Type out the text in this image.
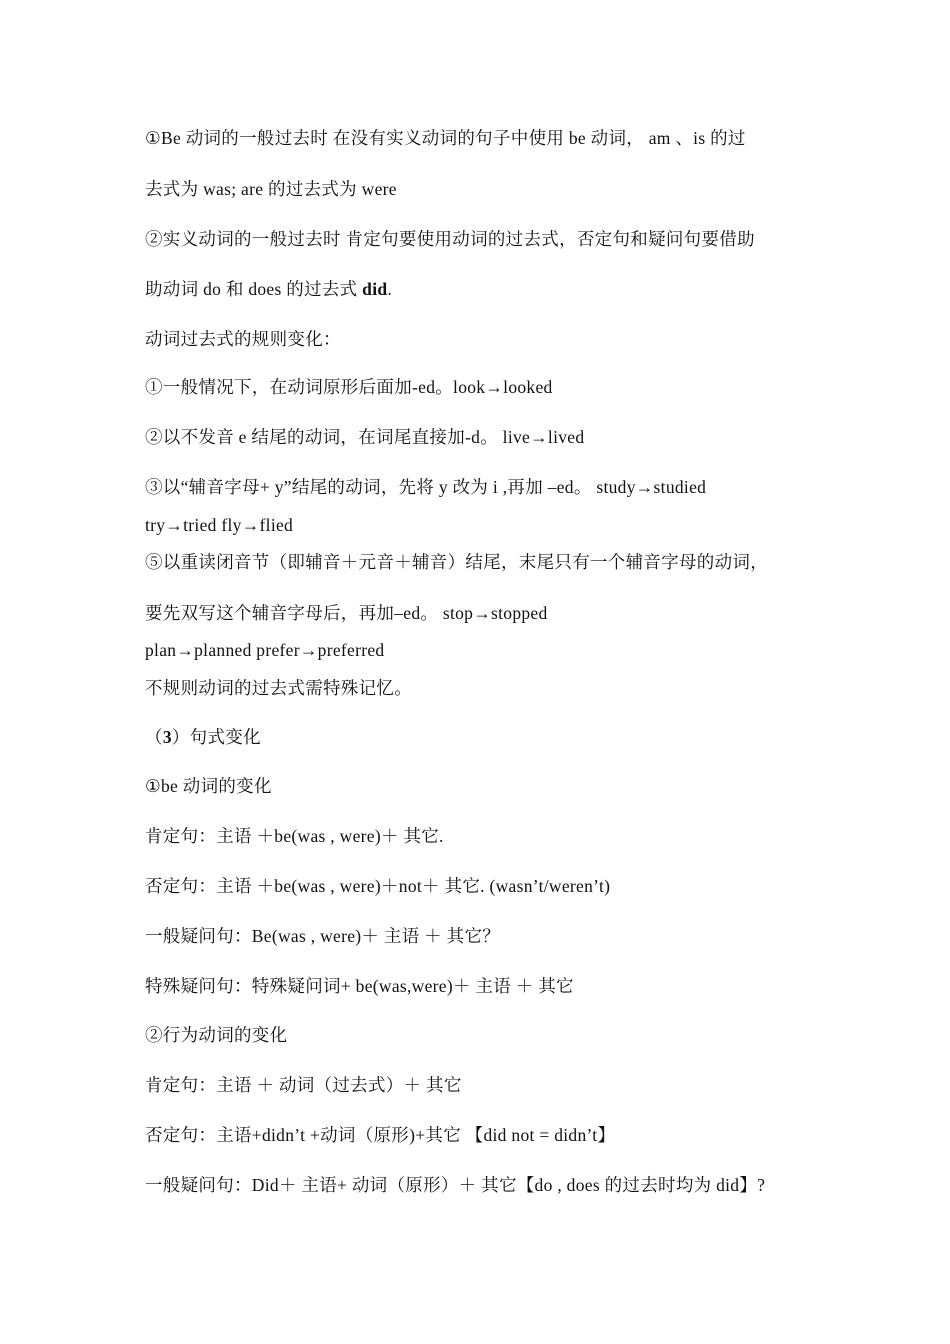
①Be 动词的一般过去时 在没有实义动词的句子中使用 be 动词， am 、is 的过
去式为 was; are 的过去式为 were
②实义动词的一般过去时 肯定句要使用动词的过去式，否定句和疑问句要借助
助动词 do 和 does 的过去式 did.
动词过去式的规则变化：
①一般情况下，在动词原形后面加-ed。look→looked
②以不发音 e 结尾的动词，在词尾直接加-d。 live→lived
③以“辅音字母+ y”结尾的动词，先将 y 改为 i ,再加 –ed。 study→studied
try→tried fly→flied
⑤以重读闭音节（即辅音＋元音＋辅音）结尾，末尾只有一个辅音字母的动词，
要先双写这个辅音字母后，再加–ed。 stop→stopped
plan→planned prefer→preferred
不规则动词的过去式需特殊记忆。
（3）句式变化
①be 动词的变化
肯定句：主语 ＋be(was , were)＋ 其它.
否定句：主语 ＋be(was , were)＋not＋ 其它. (wasn’t/weren’t)
一般疑问句：Be(was , were)＋ 主语 ＋ 其它？
特殊疑问句：特殊疑问词+ be(was,were)＋ 主语 ＋ 其它
②行为动词的变化
肯定句：主语 ＋ 动词（过去式）＋ 其它
否定句：主语+didn’t +动词（原形)+其它 【did not = didn’t】
一般疑问句：Did＋ 主语+ 动词（原形）＋ 其它【do , does 的过去时均为 did】?
